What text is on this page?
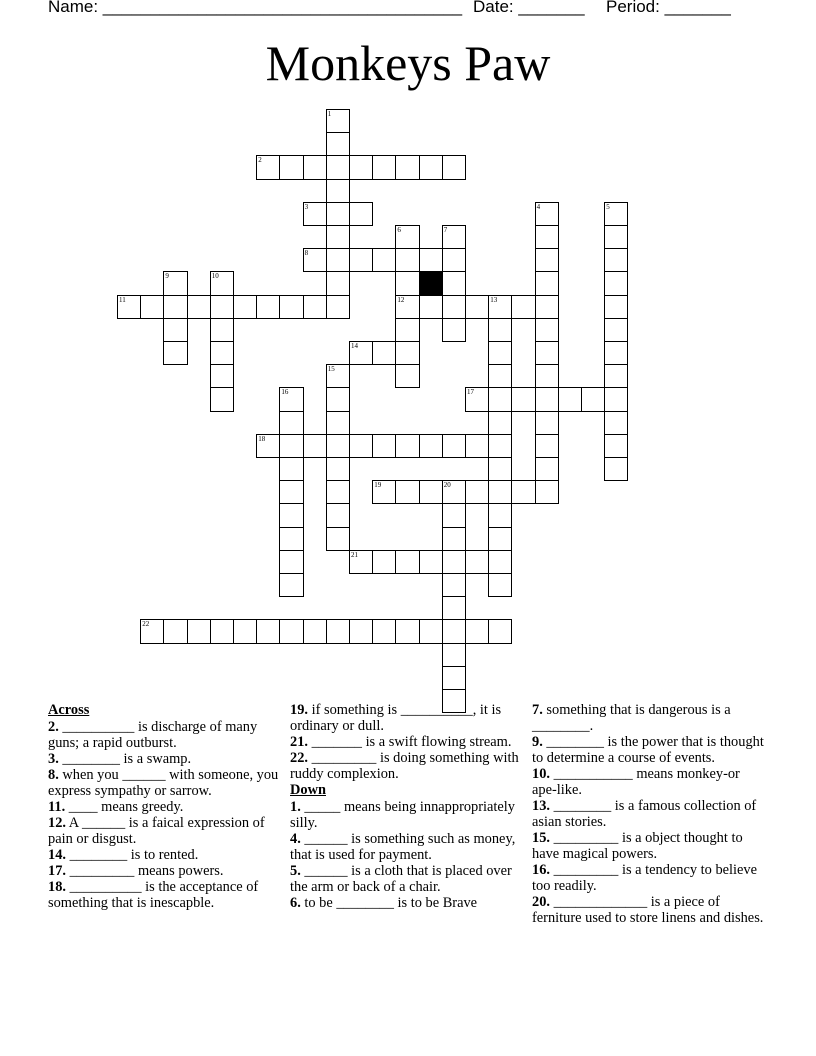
Name: ______________________________________ Date: _______ Period: _______
Monkeys Paw
2
3
8
11	12	13
14
17
18
19	20
21
22
1
4	5
6	7
9	10
15
16
Across
2. __________ is discharge of many guns; a rapid outburst.
3. ________ is a swamp.
8. when you ______ with someone, you express sympathy or sarrow.
11. ____ means greedy.
12. A ______ is a faical expression of pain or disgust.
14. ________ is to rented.
17. _________ means powers.
18. __________ is the acceptance of something that is inescapble.
19. if something is __________, it is ordinary or dull.
21. _______ is a swift flowing stream.
22. _________ is doing something with ruddy complexion.
Down
1. _____ means being innappropriately silly.
4. ______ is something such as money, that is used for payment.
5. ______ is a cloth that is placed over the arm or back of a chair.
6. to be ________ is to be Brave
7. something that is dangerous is a ________.
9. ________ is the power that is thought to determine a course of events.
10. ___________ means monkey-or ape-like.
13. ________ is a famous collection of asian stories.
15. _________ is a object thought to have magical powers.
16. _________ is a tendency to believe too readily.
20. _____________ is a piece of ferniture used to store linens and dishes.
